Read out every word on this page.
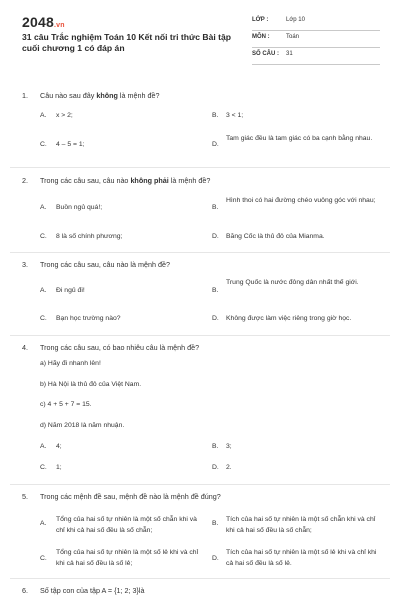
2048.vn
31 câu Trắc nghiệm Toán 10 Kết nối tri thức Bài tập cuối chương 1 có đáp án
LỚP :	Lớp 10
MÔN :	Toán
SỐ CÂU : 31
1. Câu nào sau đây không là mệnh đề?
A. x > 2;	B. 3 < 1;
C. 4 – 5 = 1;	D.
Tam giác đều là tam giác có ba cạnh bằng nhau.
2. Trong các câu sau, câu nào không phải là mệnh đề?
A. Buồn ngủ quá!;	B.
Hình thoi có hai đường chéo vuông góc với nhau;
C. 8 là số chính phương;	D. Băng Cốc là thủ đô của Mianma.
3. Trong các câu sau, câu nào là mệnh đề?
A. Đi ngủ đi!	B.
Trung Quốc là nước đông dân nhất thế giới.
C. Bạn học trường nào?	D. Không được làm việc riêng trong giờ học.
4. Trong các câu sau, có bao nhiêu câu là mệnh đề?
a) Hãy đi nhanh lên!
b) Hà Nội là thủ đô của Việt Nam.
c) 4 + 5 + 7 = 15.
d) Năm 2018 là năm nhuận.
A. 4;	B. 3;
C. 1;	D. 2.
5. Trong các mệnh đề sau, mệnh đề nào là mệnh đề đúng?
A.
Tổng của hai số tự nhiên là một số chẵn khi và chỉ khi cả hai số đều là số chẵn;
B.
Tích của hai số tự nhiên là một số chẵn khi và chỉ khi cả hai số đều là số chẵn;
C.
Tổng của hai số tự nhiên là một số lẻ khi và chỉ khi cả hai số đều là số lẻ;
D.
Tích của hai số tự nhiên là một số lẻ khi và chỉ khi cả hai số đều là số lẻ.
6. Số tập con của tập A = {1; 2; 3}là
